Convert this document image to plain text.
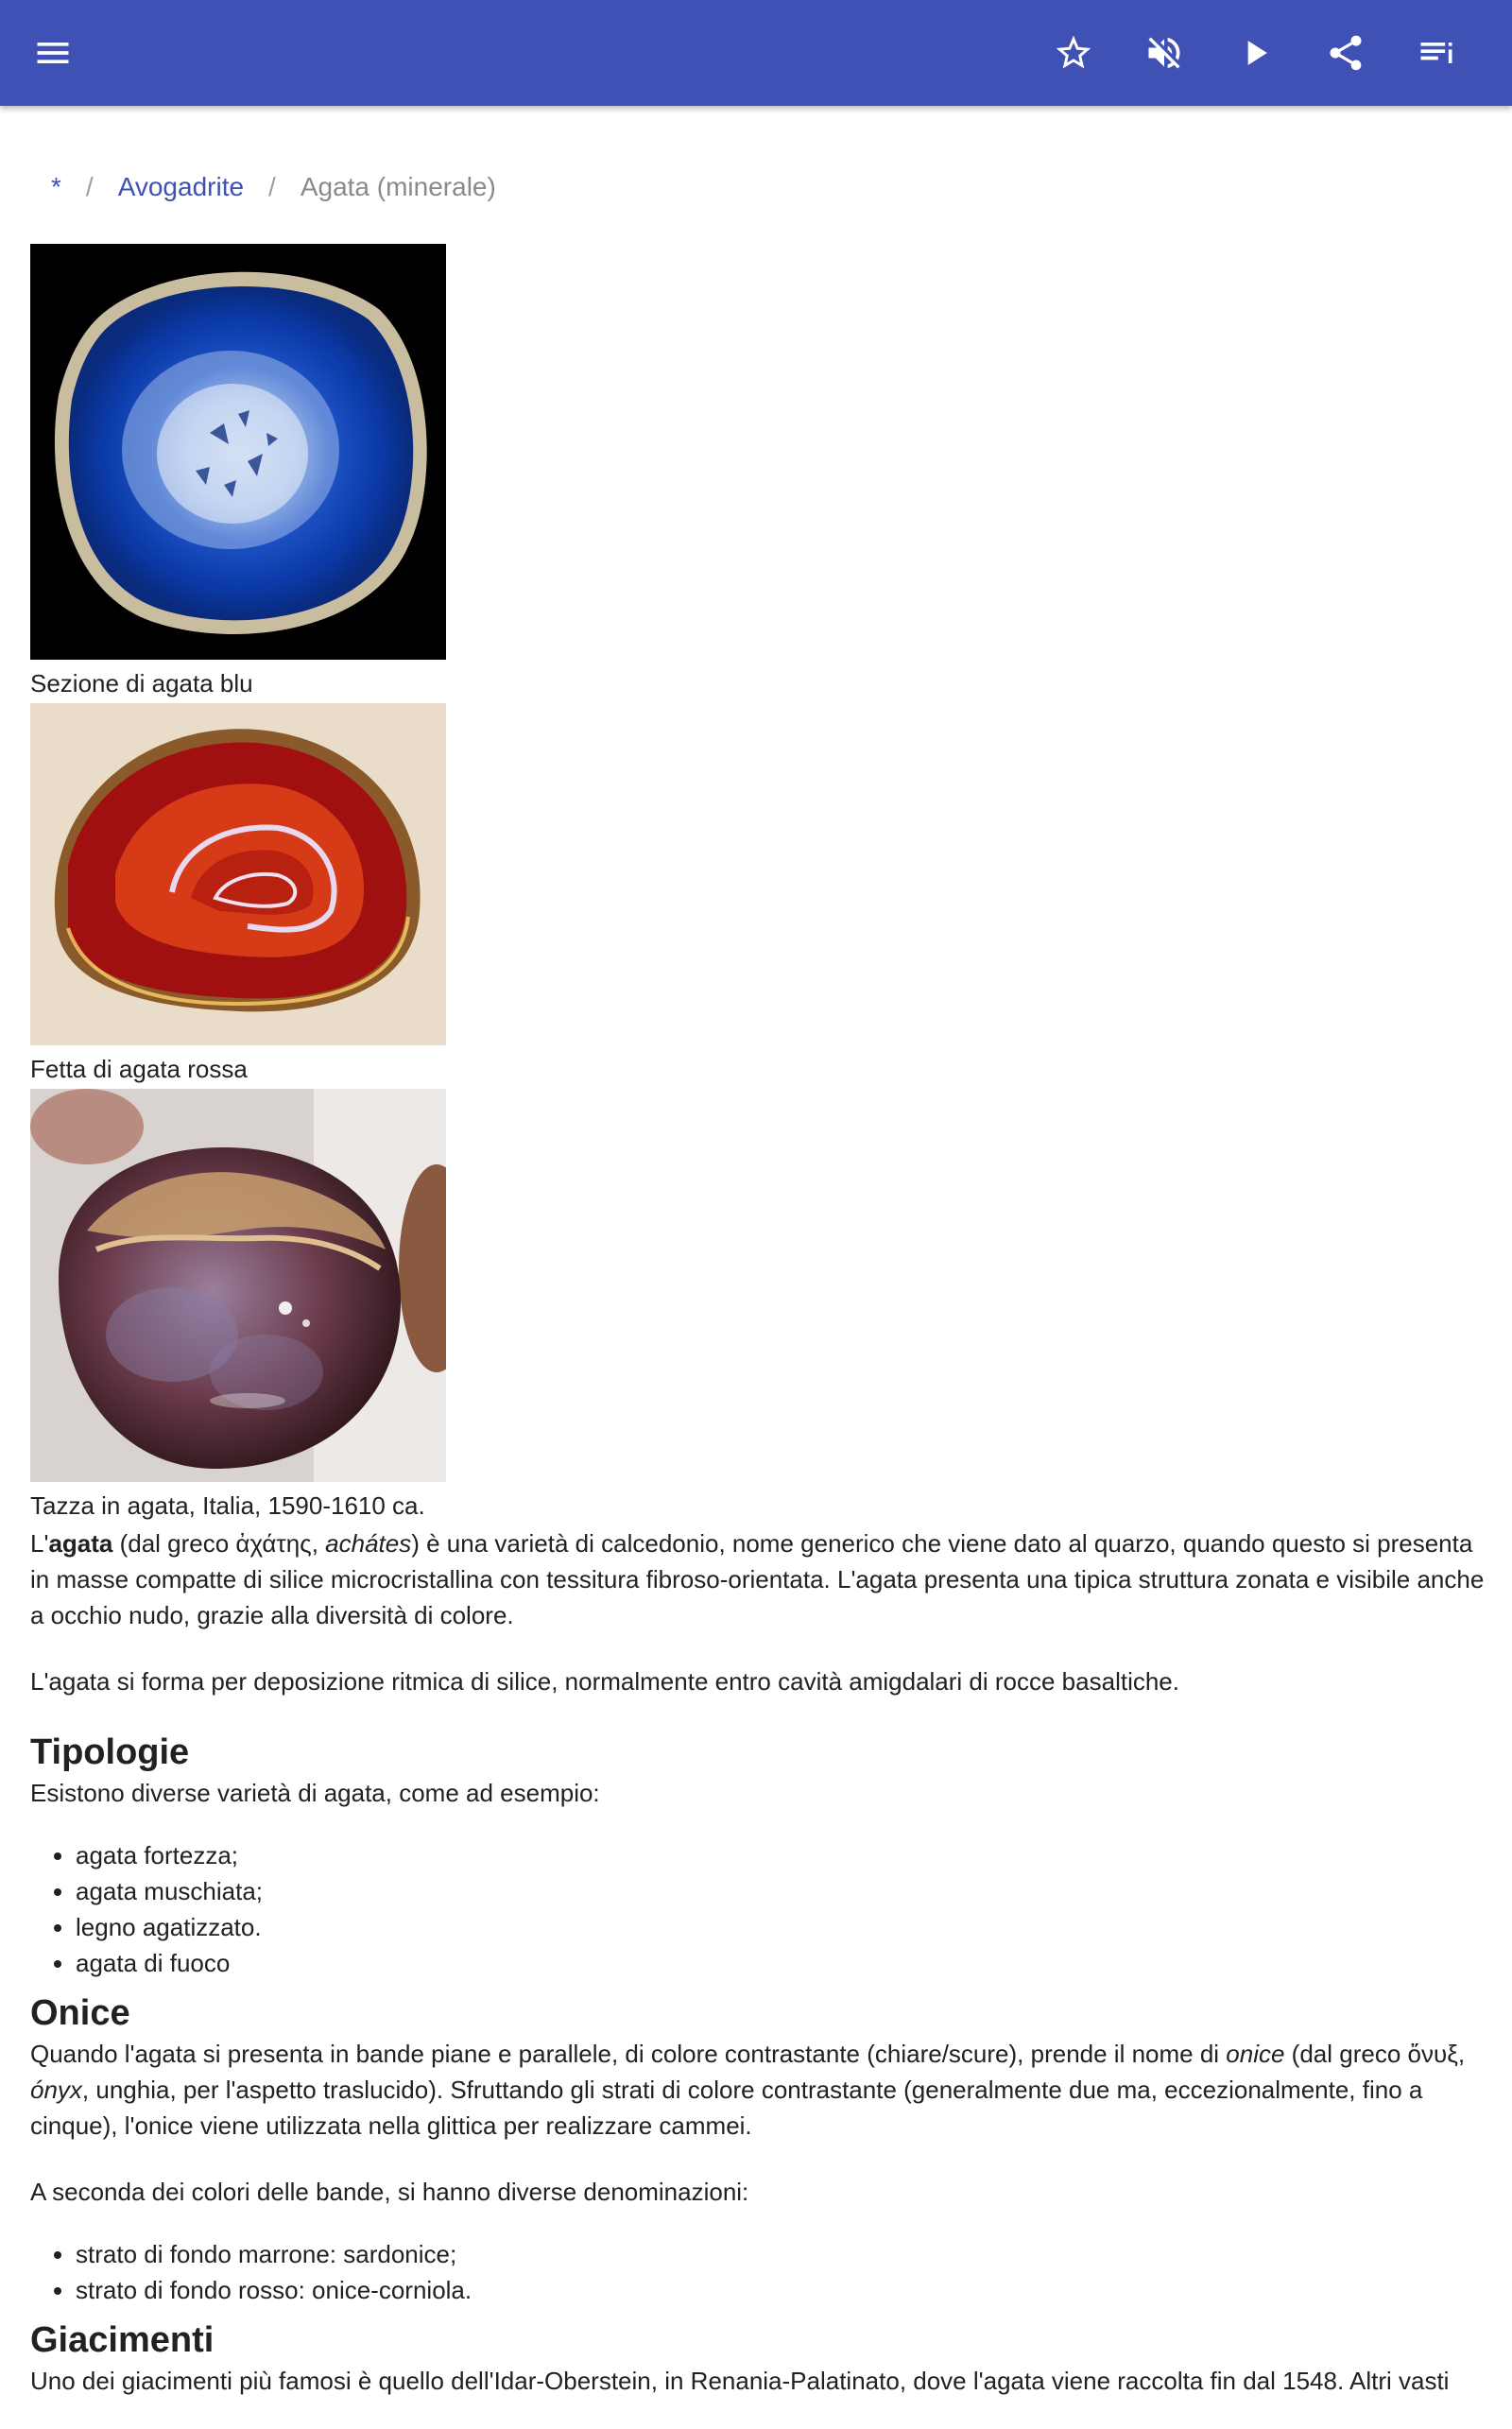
* / Avogadrite / Agata (minerale)
Sezione di agata blu
Fetta di agata rossa
Tazza in agata, Italia, 1590-1610 ca.

L'agata (dal greco ἀχάτης, achátes) è una varietà di calcedonio, nome generico che viene dato al quarzo, quando questo si presenta in masse compatte di silice microcristallina con tessitura fibroso-orientata. L'agata presenta una tipica struttura zonata e visibile anche a occhio nudo, grazie alla diversità di colore.

L'agata si forma per deposizione ritmica di silice, normalmente entro cavità amigdalari di rocce basaltiche.

Tipologie

Esistono diverse varietà di agata, come ad esempio:

• agata fortezza;
• agata muschiata;
• legno agatizzato.
• agata di fuoco
Onice

Quando l'agata si presenta in bande piane e parallele, di colore contrastante (chiare/scure), prende il nome di onice (dal greco ὄνυξ, ónyx, unghia, per l'aspetto traslucido). Sfruttando gli strati di colore contrastante (generalmente due ma, eccezionalmente, fino a cinque), l'onice viene utilizzata nella glittica per realizzare cammei.

A seconda dei colori delle bande, si hanno diverse denominazioni:

• strato di fondo marrone: sardonice;
• strato di fondo rosso: onice-corniola.
Giacimenti

Uno dei giacimenti più famosi è quello dell'Idar-Oberstein, in Renania-Palatinato, dove l'agata viene raccolta fin dal 1548. Altri vasti
